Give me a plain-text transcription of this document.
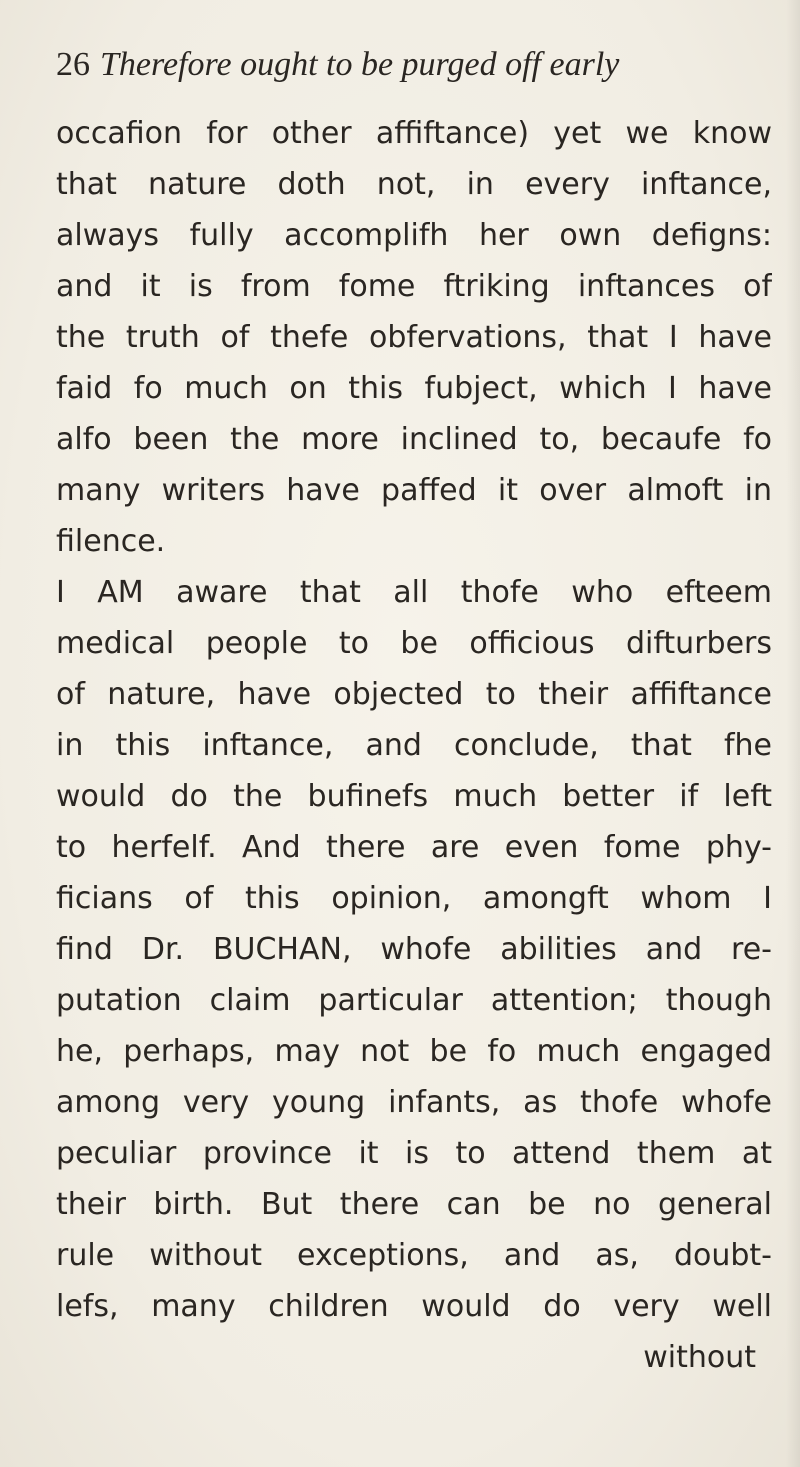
26 Therefore ought to be purged off early
occafion for other affiftance) yet we know
that nature doth not, in every inftance,
always fully accomplifh her own defigns:
and it is from fome ftriking inftances of
the truth of thefe obfervations, that I have
faid fo much on this fubject, which I have
alfo been the more inclined to, becaufe fo
many writers have paffed it over almoft in
filence.
I AM aware that all thofe who efteem
medical people to be officious difturbers
of nature, have objected to their affiftance
in this inftance, and conclude, that fhe
would do the bufinefs much better if left
to herfelf. And there are even fome phy-
ficians of this opinion, amongft whom I
find Dr. BUCHAN, whofe abilities and re-
putation claim particular attention; though
he, perhaps, may not be fo much engaged
among very young infants, as thofe whofe
peculiar province it is to attend them at
their birth. But there can be no general
rule without exceptions, and as, doubt-
lefs, many children would do very well
without
